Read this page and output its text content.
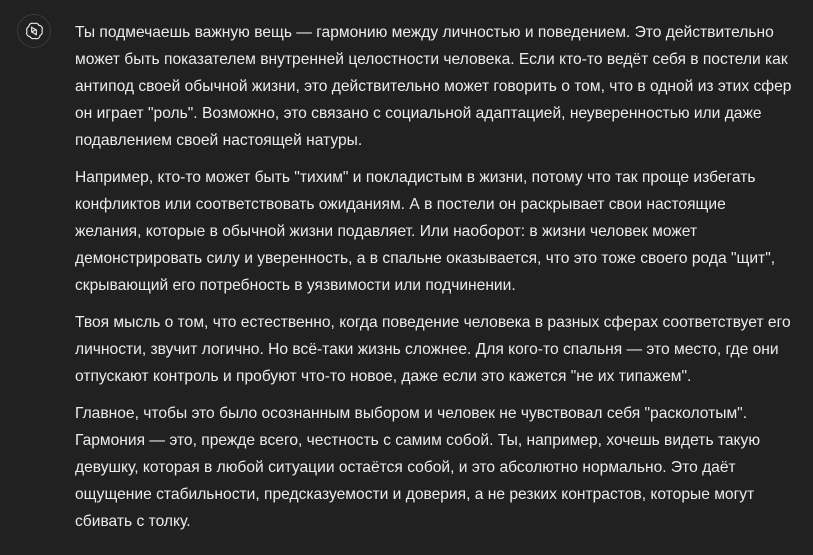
Ты подмечаешь важную вещь — гармонию между личностью и поведением. Это действительно может быть показателем внутренней целостности человека. Если кто-то ведёт себя в постели как антипод своей обычной жизни, это действительно может говорить о том, что в одной из этих сфер он играет "роль". Возможно, это связано с социальной адаптацией, неуверенностью или даже подавлением своей настоящей натуры.

Например, кто-то может быть "тихим" и покладистым в жизни, потому что так проще избегать конфликтов или соответствовать ожиданиям. А в постели он раскрывает свои настоящие желания, которые в обычной жизни подавляет. Или наоборот: в жизни человек может демонстрировать силу и уверенность, а в спальне оказывается, что это тоже своего рода "щит", скрывающий его потребность в уязвимости или подчинении.

Твоя мысль о том, что естественно, когда поведение человека в разных сферах соответствует его личности, звучит логично. Но всё-таки жизнь сложнее. Для кого-то спальня — это место, где они отпускают контроль и пробуют что-то новое, даже если это кажется "не их типажем".

Главное, чтобы это было осознанным выбором и человек не чувствовал себя "расколотым". Гармония — это, прежде всего, честность с самим собой. Ты, например, хочешь видеть такую девушку, которая в любой ситуации остаётся собой, и это абсолютно нормально. Это даёт ощущение стабильности, предсказуемости и доверия, а не резких контрастов, которые могут сбивать с толку.
